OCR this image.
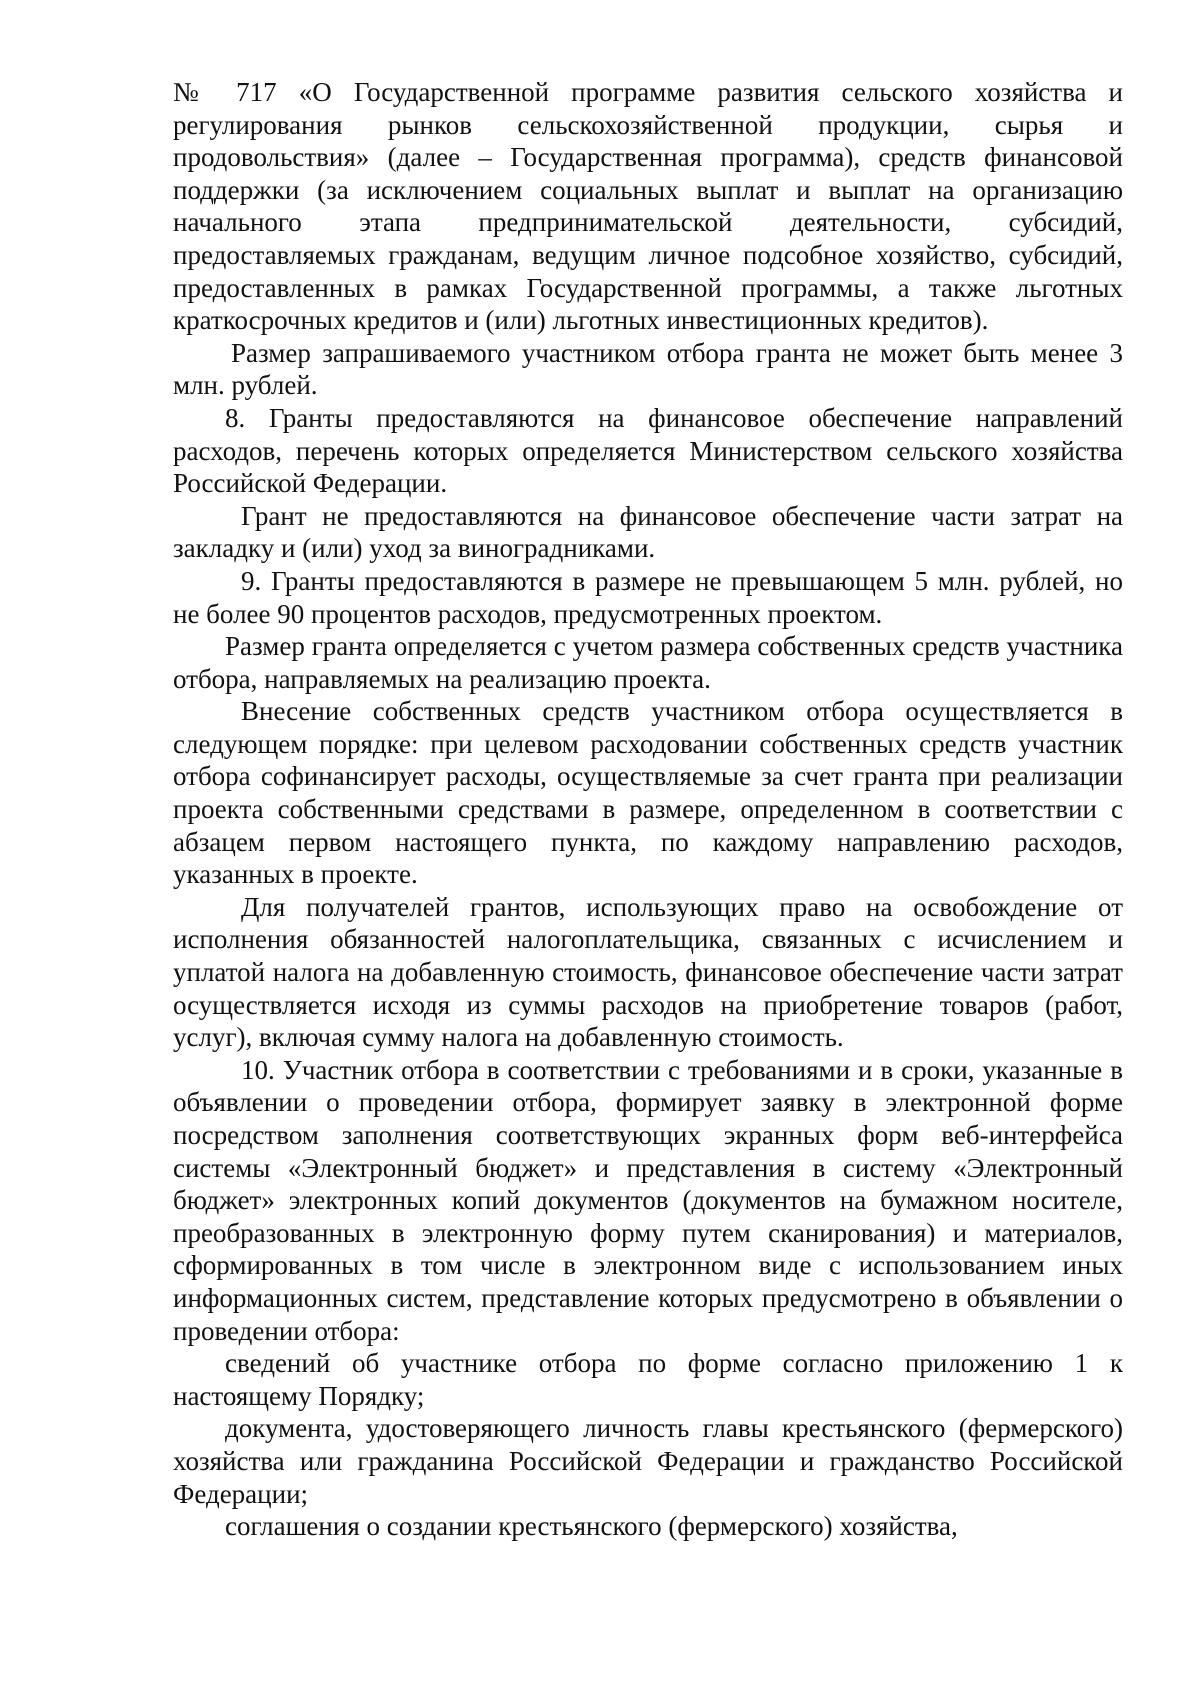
№ 717 «О Государственной программе развития сельского хозяйства и регулирования рынков сельскохозяйственной продукции, сырья и продовольствия» (далее – Государственная программа), средств финансовой поддержки (за исключением социальных выплат и выплат на организацию начального этапа предпринимательской деятельности, субсидий, предоставляемых гражданам, ведущим личное подсобное хозяйство, субсидий, предоставленных в рамках Государственной программы, а также льготных краткосрочных кредитов и (или) льготных инвестиционных кредитов).

Размер запрашиваемого участником отбора гранта не может быть менее 3 млн. рублей.

8. Гранты предоставляются на финансовое обеспечение направлений расходов, перечень которых определяется Министерством сельского хозяйства Российской Федерации.

Грант не предоставляются на финансовое обеспечение части затрат на закладку и (или) уход за виноградниками.

9. Гранты предоставляются в размере не превышающем 5 млн. рублей, но не более 90 процентов расходов, предусмотренных проектом.

Размер гранта определяется с учетом размера собственных средств участника отбора, направляемых на реализацию проекта.

Внесение собственных средств участником отбора осуществляется в следующем порядке: при целевом расходовании собственных средств участник отбора софинансирует расходы, осуществляемые за счет гранта при реализации проекта собственными средствами в размере, определенном в соответствии с абзацем первом настоящего пункта, по каждому направлению расходов, указанных в проекте.

Для получателей грантов, использующих право на освобождение от исполнения обязанностей налогоплательщика, связанных с исчислением и уплатой налога на добавленную стоимость, финансовое обеспечение части затрат осуществляется исходя из суммы расходов на приобретение товаров (работ, услуг), включая сумму налога на добавленную стоимость.

10. Участник отбора в соответствии с требованиями и в сроки, указанные в объявлении о проведении отбора, формирует заявку в электронной форме посредством заполнения соответствующих экранных форм веб-интерфейса системы «Электронный бюджет» и представления в систему «Электронный бюджет» электронных копий документов (документов на бумажном носителе, преобразованных в электронную форму путем сканирования) и материалов, сформированных в том числе в электронном виде с использованием иных информационных систем, представление которых предусмотрено в объявлении о проведении отбора:

сведений об участнике отбора по форме согласно приложению 1 к настоящему Порядку;

документа, удостоверяющего личность главы крестьянского (фермерского) хозяйства или гражданина Российской Федерации и гражданство Российской Федерации;

соглашения о создании крестьянского (фермерского) хозяйства,
